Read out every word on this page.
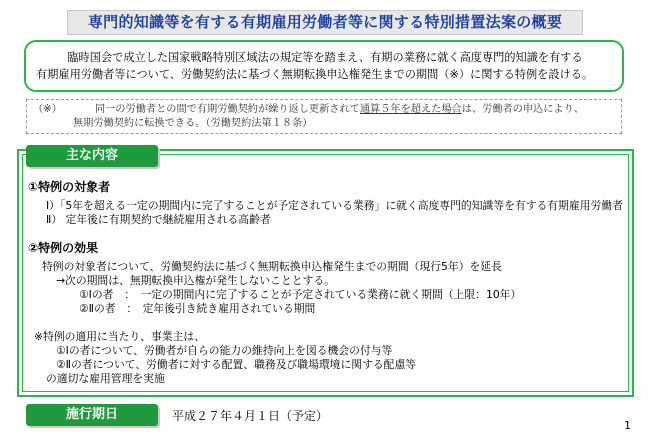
専門的知識等を有する有期雇用労働者等に関する特別措置法案の概要
臨時国会で成立した国家戦略特別区域法の規定等を踏まえ、有期の業務に就く高度専門的知識を有する
有期雇用労働者等について、労働契約法に基づく無期転換申込権発生までの期間（※）に関する特例を設ける。
（※）	同一の労働者との間で有期労働契約が繰り返し更新されて通算５年を超えた場合は、労働者の申込により、
無期労働契約に転換できる。（労働契約法第１８条）
主な内容
①特例の対象者
Ⅰ）「5年を超える一定の期間内に完了することが予定されている業務」に就く高度専門的知識等を有する有期雇用労働者
Ⅱ） 定年後に有期契約で継続雇用される高齢者
②特例の効果
特例の対象者について、労働契約法に基づく無期転換申込権発生までの期間（現行5年）を延長
→次の期間は、無期転換申込権が発生しないこととする。
①Ⅰの者　：　一定の期間内に完了することが予定されている業務に就く期間（上限：10年）
②Ⅱの者　：　定年後引き続き雇用されている期間
※特例の適用に当たり、事業主は、
①Ⅰの者について、労働者が自らの能力の維持向上を図る機会の付与等
②Ⅱの者について、労働者に対する配置、職務及び職場環境に関する配慮等
の適切な雇用管理を実施
施行期日	平成２７年４月１日（予定）
1
